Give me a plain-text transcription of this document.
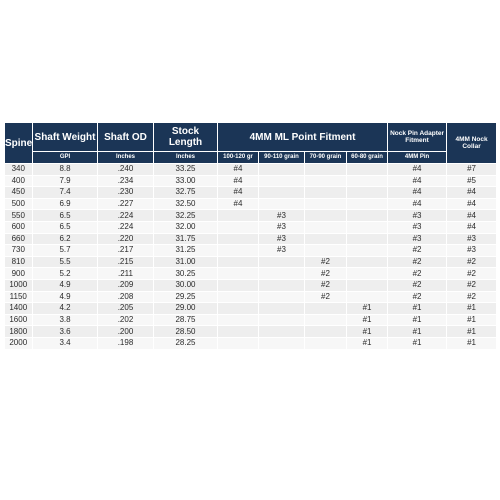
Spine	Shaft Weight	Shaft OD	Stock Length	4MM ML Point Fitment				Nock Pin Adapter Fitment	4MM Nock Collar
	GPI	Inches	Inches	100-120 gr	90-110 grain	70-90 grain	60-80 grain	4MM Pin	
340	8.8	.240	33.25	#4				#4	#7
400	7.9	.234	33.00	#4				#4	#5
450	7.4	.230	32.75	#4				#4	#4
500	6.9	.227	32.50	#4				#4	#4
550	6.5	.224	32.25		#3			#3	#4
600	6.5	.224	32.00		#3			#3	#4
660	6.2	.220	31.75		#3			#3	#3
730	5.7	.217	31.25		#3			#2	#3
810	5.5	.215	31.00			#2		#2	#2
900	5.2	.211	30.25			#2		#2	#2
1000	4.9	.209	30.00			#2		#2	#2
1150	4.9	.208	29.25			#2		#2	#2
1400	4.2	.205	29.00				#1	#1	#1
1600	3.8	.202	28.75				#1	#1	#1
1800	3.6	.200	28.50				#1	#1	#1
2000	3.4	.198	28.25				#1	#1	#1
